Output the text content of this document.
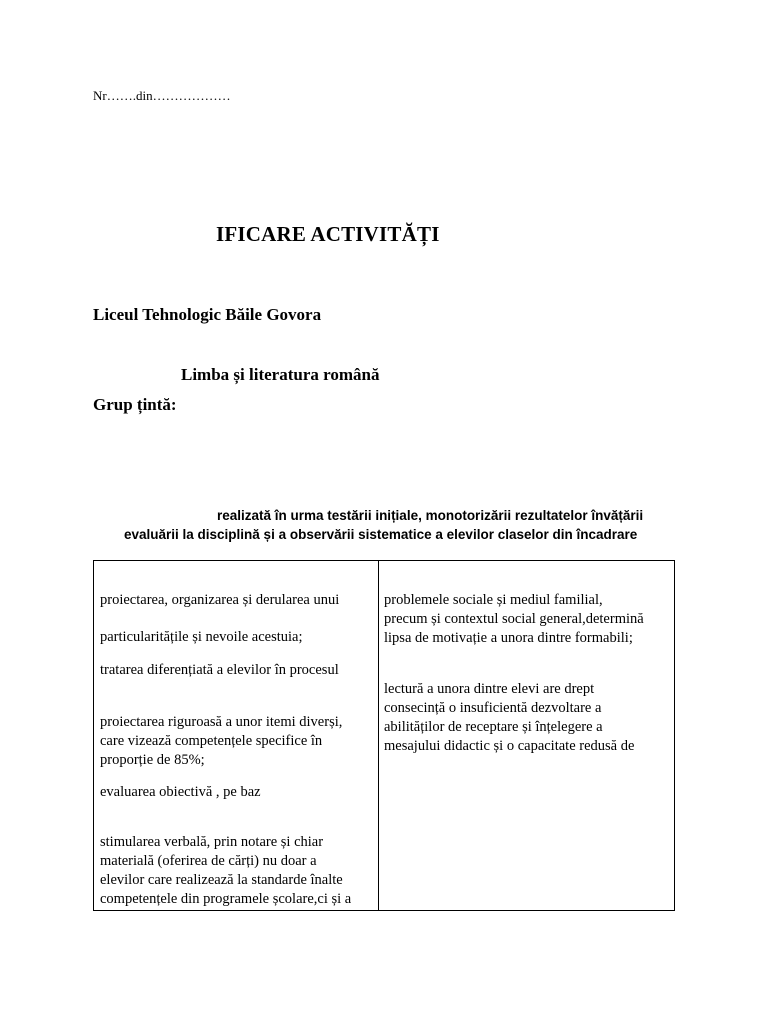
Nr…….din………………
IFICARE ACTIVITĂȚI
Liceul Tehnologic Băile Govora
Limba și literatura română
Grup țintă:
realizată în urma testării inițiale, monotorizării rezultatelor învățării
evaluării la disciplină și a observării sistematice a elevilor claselor din încadrare
proiectarea, organizarea și derularea unui
particularitățile și nevoile acestuia;
tratarea diferențiată a elevilor în procesul
proiectarea riguroasă a unor itemi diverși,
care vizează competențele specifice în
proporție de 85%;
evaluarea obiectivă , pe baz
stimularea verbală, prin notare și chiar
materială (oferirea de cărți) nu doar a
elevilor care realizează la standarde înalte
competențele din programele școlare,ci și a
problemele sociale și mediul familial,
precum și contextul social general,determină
lipsa de motivație a unora dintre formabili;
lectură a unora dintre elevi are drept
consecință o insuficientă dezvoltare a
abilităților de receptare și înțelegere a
mesajului didactic și o capacitate redusă de
